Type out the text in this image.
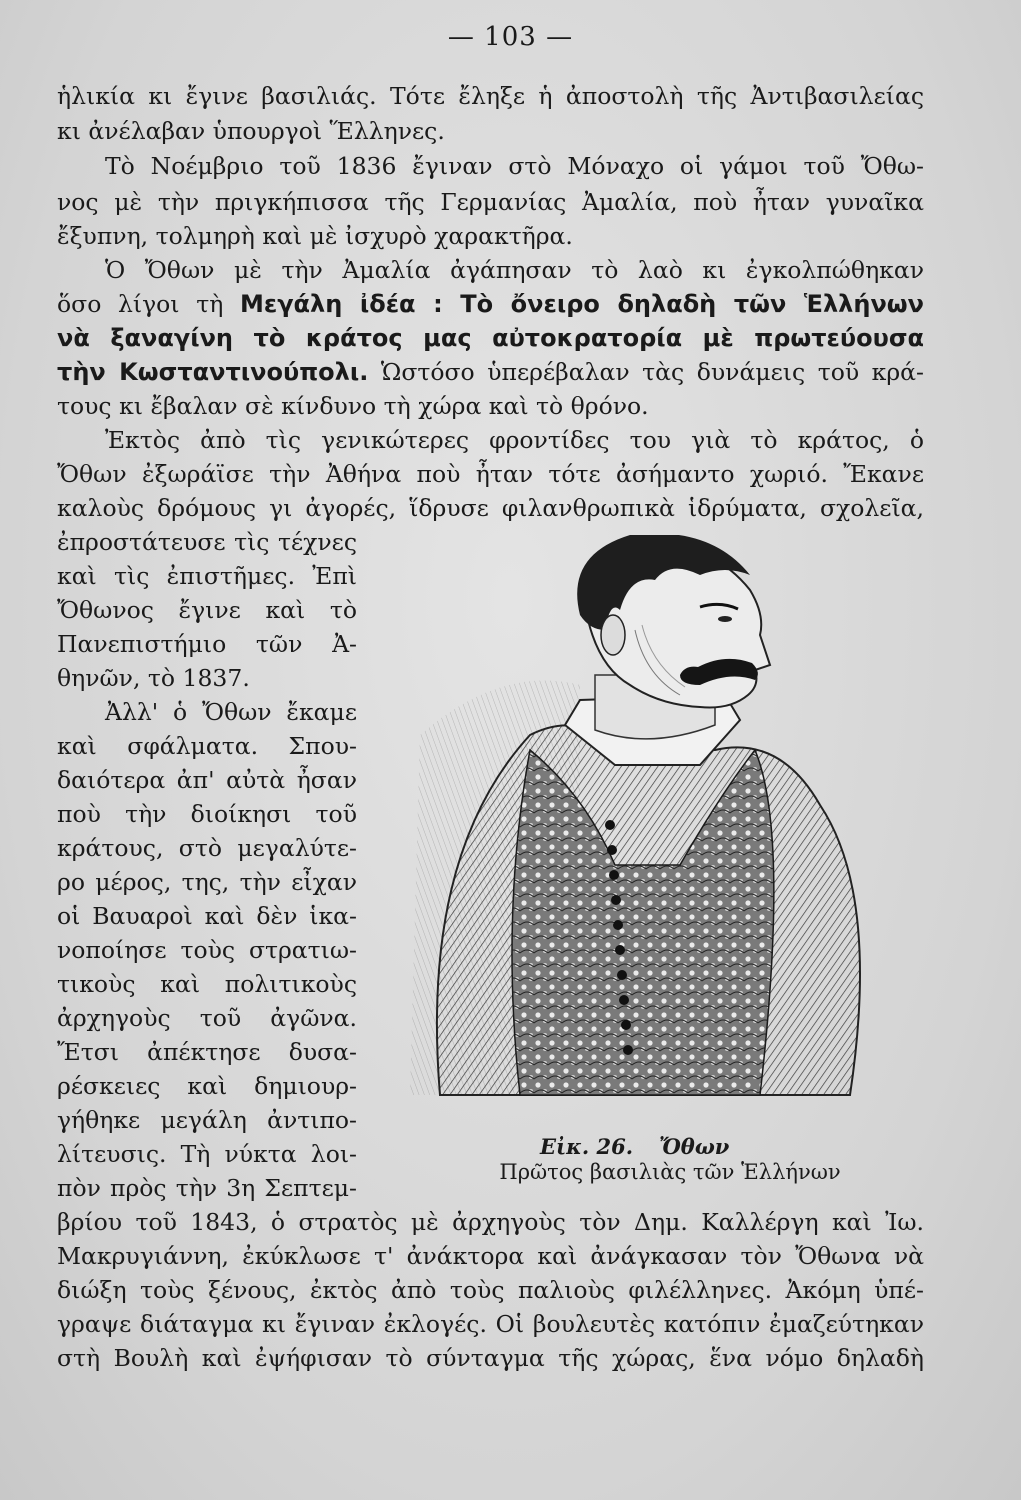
— 103 —
ἡλικία κι ἔγινε βασιλιάς. Τότε ἔληξε ἡ ἀποστολὴ τῆς Ἀντιβασιλείας
κι ἀνέλαβαν ὑπουργοὶ Ἕλληνες.
Τὸ Νοέμβριο τοῦ 1836 ἔγιναν στὸ Μόναχο οἱ γάμοι τοῦ Ὄθω-
νος μὲ τὴν πριγκήπισσα τῆς Γερμανίας Ἀμαλία, ποὺ ἦταν γυναῖκα
ἔξυπνη, τολμηρὴ καὶ μὲ ἰσχυρὸ χαρακτῆρα.
Ὁ Ὄθων μὲ τὴν Ἀμαλία ἀγάπησαν τὸ λαὸ κι ἐγκολπώθηκαν
ὅσο λίγοι τὴ Μεγάλη ἰδέα : Τὸ ὄνειρο δηλαδὴ τῶν Ἑλλήνων
νὰ ξαναγίνη τὸ κράτος μας αὐτοκρατορία μὲ πρωτεύουσα
τὴν Κωσταντινούπολι. Ὡστόσο ὑπερέβαλαν τὰς δυνάμεις τοῦ κρά-
τους κι ἔβαλαν σὲ κίνδυνο τὴ χώρα καὶ τὸ θρόνο.
Ἐκτὸς ἀπὸ τὶς γενικώτερες φροντίδες του γιὰ τὸ κράτος, ὁ
Ὄθων ἐξωράϊσε τὴν Ἀθήνα ποὺ ἦταν τότε ἀσήμαντο χωριό. Ἔκανε
καλοὺς δρόμους γι ἀγορές, ἵδρυσε φιλανθρωπικὰ ἱδρύματα, σχολεῖα,
ἐπροστάτευσε τὶς τέχνες
καὶ τὶς ἐπιστῆμες. Ἐπὶ
Ὄθωνος ἔγινε καὶ τὸ
Πανεπιστήμιο τῶν Ἀ-
θηνῶν, τὸ 1837.
Ἀλλ' ὁ Ὄθων ἔκαμε
καὶ σφάλματα. Σπου-
δαιότερα ἀπ' αὐτὰ ἦσαν
ποὺ τὴν διοίκησι τοῦ
κράτους, στὸ μεγαλύτε-
ρο μέρος, της, τὴν εἶχαν
οἱ Βαυαροὶ καὶ δὲν ἱκα-
νοποίησε τοὺς στρατιω-
τικοὺς καὶ πολιτικοὺς
ἀρχηγοὺς τοῦ ἀγῶνα.
Ἔτσι ἀπέκτησε δυσα-
ρέσκειες καὶ δημιουρ-
γήθηκε μεγάλη ἀντιπο-
λίτευσις. Τὴ νύκτα λοι-
πὸν πρὸς τὴν 3η Σεπτεμ-
βρίου τοῦ 1843, ὁ στρατὸς μὲ ἀρχηγοὺς τὸν Δημ. Καλλέργη καὶ Ἰω.
Μακρυγιάννη, ἐκύκλωσε τ' ἀνάκτορα καὶ ἀνάγκασαν τὸν Ὄθωνα νὰ
διώξη τοὺς ξένους, ἐκτὸς ἀπὸ τοὺς παλιοὺς φιλέλληνες. Ἀκόμη ὑπέ-
γραψε διάταγμα κι ἔγιναν ἐκλογές. Οἱ βουλευτὲς κατόπιν ἐμαζεύτηκαν
στὴ Βουλὴ καὶ ἐψήφισαν τὸ σύνταγμα τῆς χώρας, ἕνα νόμο δηλαδὴ
Εἰκ. 26. Ὄθων
Πρῶτος βασιλιὰς τῶν Ἑλλήνων
